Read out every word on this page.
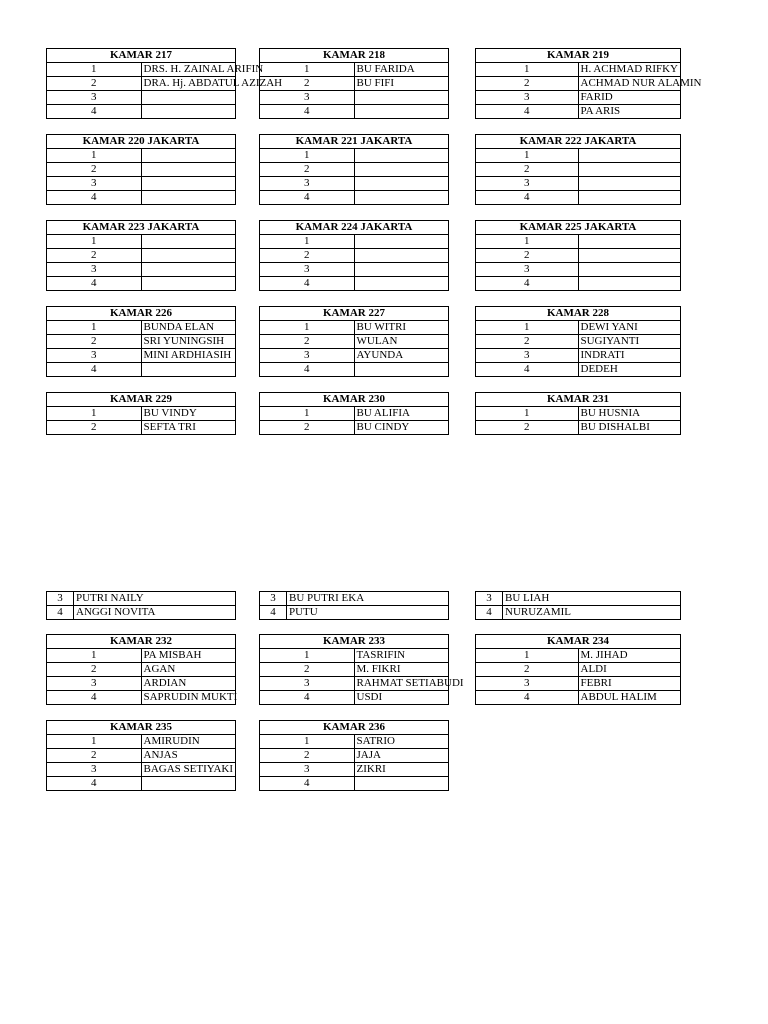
KAMAR 217	
1	DRS. H. ZAINAL ARIFIN
2	DRA. Hj. ABDATUL AZIZAH
3	
4	
KAMAR 218	
1	BU FARIDA
2	BU FIFI
3	
4	
KAMAR 219	
1	H. ACHMAD RIFKY
2	ACHMAD NUR ALAMIN
3	FARID
4	PA ARIS
KAMAR 220 JAKARTA	
1	
2	
3	
4	
KAMAR 221 JAKARTA	
1	
2	
3	
4	
KAMAR 222 JAKARTA	
1	
2	
3	
4	
KAMAR 223 JAKARTA	
1	
2	
3	
4	
KAMAR 224 JAKARTA	
1	
2	
3	
4	
KAMAR 225 JAKARTA	
1	
2	
3	
4	
KAMAR 226	
1	BUNDA ELAN
2	SRI YUNINGSIH
3	MINI ARDHIASIH
4	
KAMAR 227	
1	BU WITRI
2	WULAN
3	AYUNDA
4	
KAMAR 228	
1	DEWI YANI
2	SUGIYANTI
3	INDRATI
4	DEDEH
KAMAR 229	
1	BU VINDY
2	SEFTA TRI
KAMAR 230	
1	BU ALIFIA
2	BU CINDY
KAMAR 231	
1	BU HUSNIA
2	BU DISHALBI
3	PUTRI NAILY
4	ANGGI NOVITA
3	BU PUTRI EKA
4	PUTU
3	BU LIAH
4	NURUZAMIL
KAMAR 232	
1	PA MISBAH
2	AGAN
3	ARDIAN
4	SAPRUDIN MUKTI
KAMAR 233	
1	TASRIFIN
2	M. FIKRI
3	RAHMAT SETIABUDI
4	USDI
KAMAR 234	
1	M. JIHAD
2	ALDI
3	FEBRI
4	ABDUL HALIM
KAMAR 235	
1	AMIRUDIN
2	ANJAS
3	BAGAS SETIYAKI
4	
KAMAR 236	
1	SATRIO
2	JAJA
3	ZIKRI
4	
